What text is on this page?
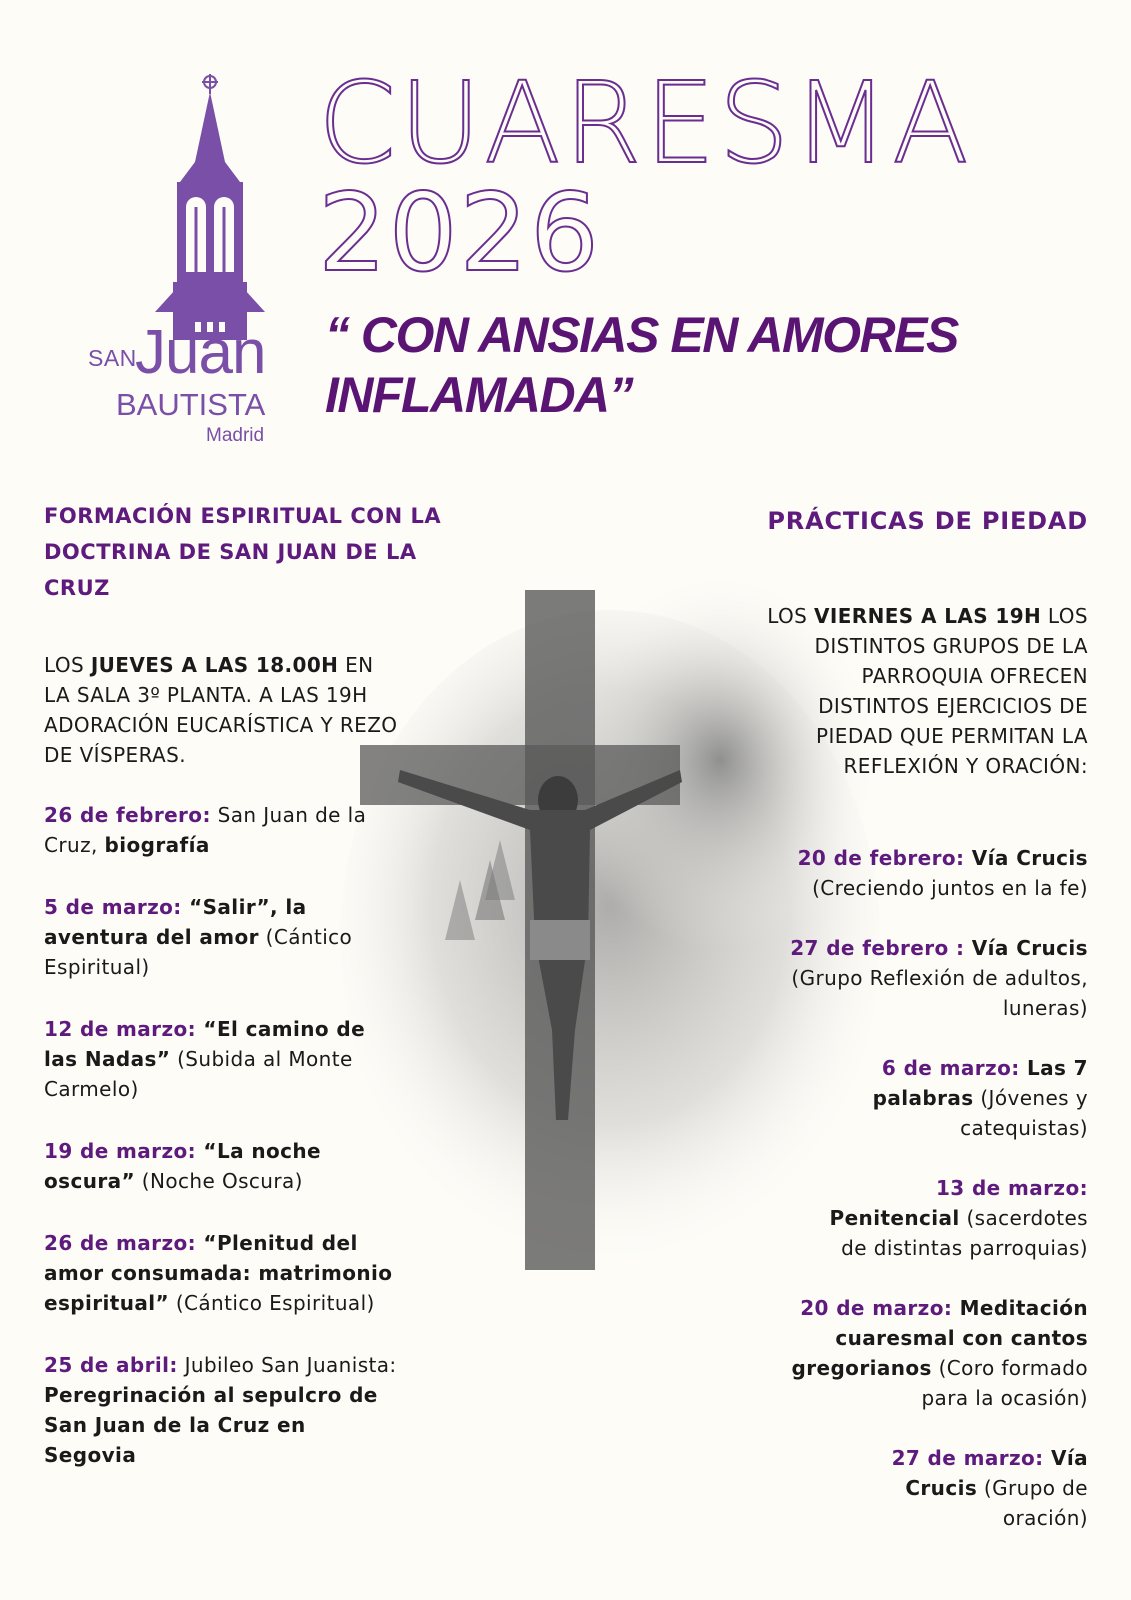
SAN
Juan
BAUTISTA
Madrid
CUARESMA
2026
“ CON ANSIAS EN AMORES
INFLAMADA”
FORMACIÓN ESPIRITUAL CON LA DOCTRINA DE SAN JUAN DE LA CRUZ

LOS JUEVES A LAS 18.00H EN LA SALA 3º PLANTA. A LAS 19H ADORACIÓN EUCARÍSTICA Y REZO DE VÍSPERAS.

26 de febrero: San Juan de la Cruz, biografía

5 de marzo: “Salir”, la aventura del amor (Cántico Espiritual)

12 de marzo: “El camino de las Nadas” (Subida al Monte Carmelo)

19 de marzo: “La noche oscura” (Noche Oscura)

26 de marzo: “Plenitud del amor consumada: matrimonio espiritual” (Cántico Espiritual)

25 de abril: Jubileo San Juanista: Peregrinación al sepulcro de San Juan de la Cruz en Segovia

PRÁCTICAS DE PIEDAD

LOS VIERNES A LAS 19H LOS DISTINTOS GRUPOS DE LA PARROQUIA OFRECEN DISTINTOS EJERCICIOS DE PIEDAD QUE PERMITAN LA REFLEXIÓN Y ORACIÓN:

20 de febrero: Vía Crucis (Creciendo juntos en la fe)

27 de febrero : Vía Crucis (Grupo Reflexión de adultos, luneras)

6 de marzo: Las 7 palabras (Jóvenes y catequistas)

13 de marzo: Penitencial (sacerdotes de distintas parroquias)

20 de marzo: Meditación cuaresmal con cantos gregorianos (Coro formado para la ocasión)

27 de marzo: Vía Crucis (Grupo de oración)
